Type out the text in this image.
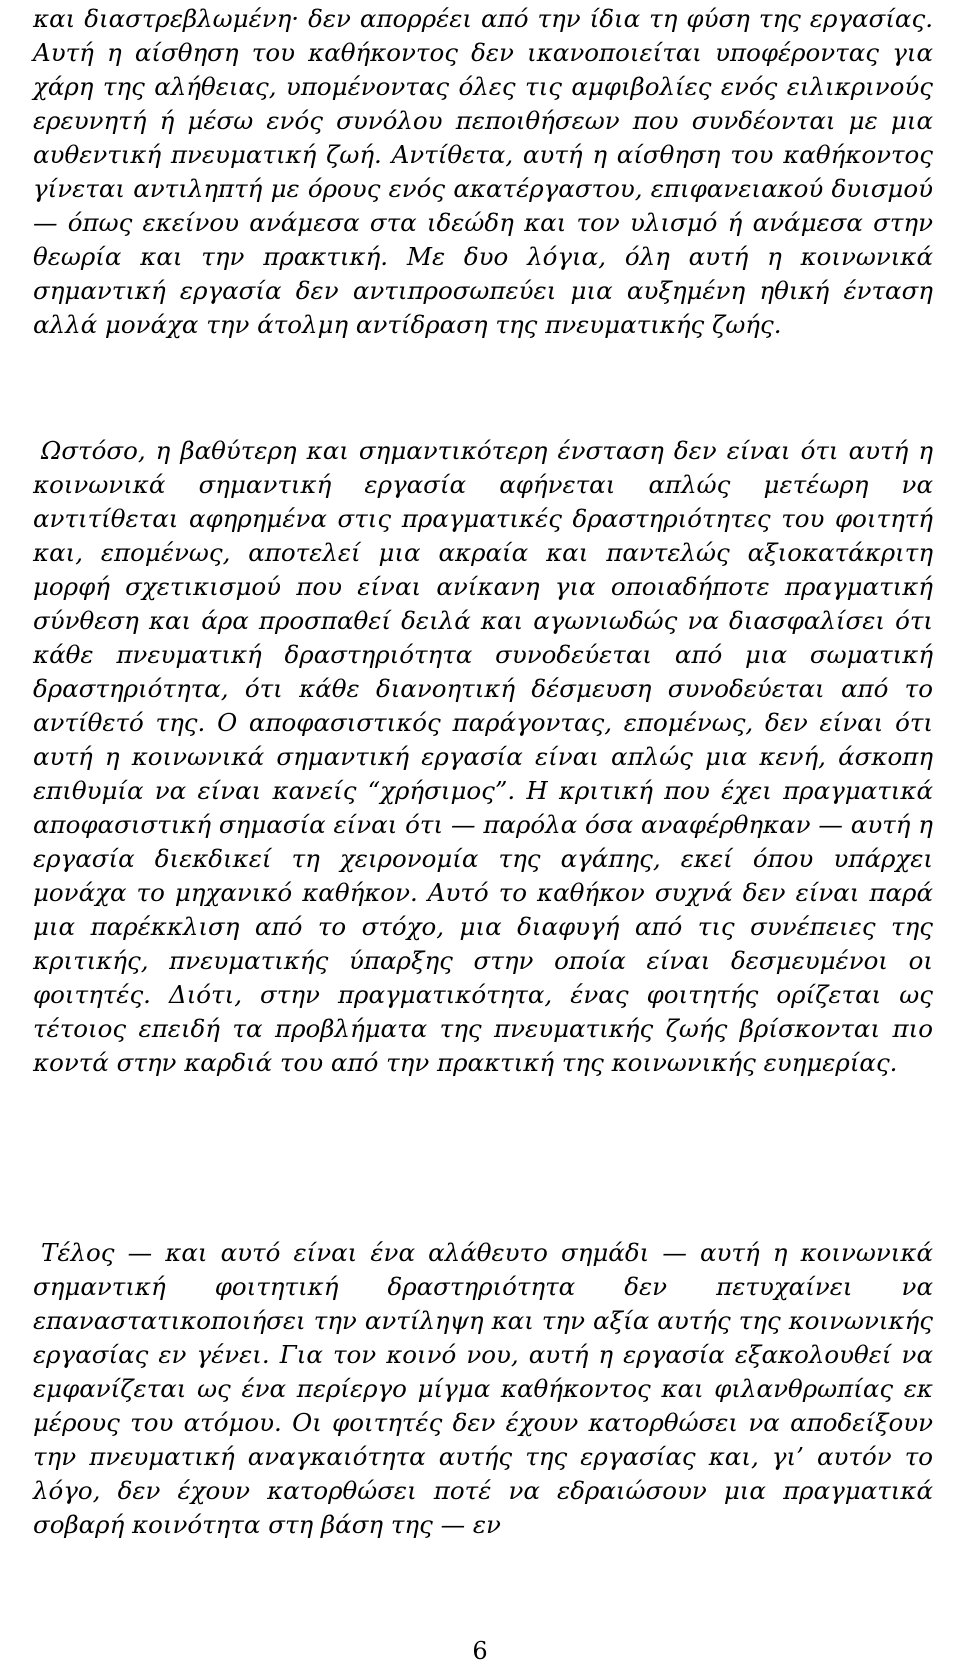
και διαστρεβλωμένη· δεν απορρέει από την ίδια τη φύση της εργασίας. Αυτή η αίσθηση του καθήκοντος δεν ικανοποιείται υποφέροντας για χάρη της αλήθειας, υπομένοντας όλες τις αμφιβολίες ενός ειλικρινούς ερευνητή ή μέσω ενός συνόλου πεποιθήσεων που συνδέονται με μια αυθεντική πνευματική ζωή. Αντίθετα, αυτή η αίσθηση του καθήκοντος γίνεται αντιληπτή με όρους ενός ακατέργαστου, επιφανειακού δυισμού — όπως εκείνου ανάμεσα στα ιδεώδη και τον υλισμό ή ανάμεσα στην θεωρία και την πρακτική. Με δυο λόγια, όλη αυτή η κοινωνικά σημαντική εργασία δεν αντιπροσωπεύει μια αυξημένη ηθική ένταση αλλά μονάχα την άτολμη αντίδραση της πνευματικής ζωής.

Ωστόσο, η βαθύτερη και σημαντικότερη ένσταση δεν είναι ότι αυτή η κοινωνικά σημαντική εργασία αφήνεται απλώς μετέωρη να αντιτίθεται αφηρημένα στις πραγματικές δραστηριότητες του φοιτητή και, επομένως, αποτελεί μια ακραία και παντελώς αξιοκατάκριτη μορφή σχετικισμού που είναι ανίκανη για οποιαδήποτε πραγματική σύνθεση και άρα προσπαθεί δειλά και αγωνιωδώς να διασφαλίσει ότι κάθε πνευματική δραστηριότητα συνοδεύεται από μια σωματική δραστηριότητα, ότι κάθε διανοητική δέσμευση συνοδεύεται από το αντίθετό της. Ο αποφασιστικός παράγοντας, επομένως, δεν είναι ότι αυτή η κοινωνικά σημαντική εργασία είναι απλώς μια κενή, άσκοπη επιθυμία να είναι κανείς “χρήσιμος”. Η κριτική που έχει πραγματικά αποφασιστική σημασία είναι ότι — παρόλα όσα αναφέρθηκαν — αυτή η εργασία διεκδικεί τη χειρονομία της αγάπης, εκεί όπου υπάρχει μονάχα το μηχανικό καθήκον. Αυτό το καθήκον συχνά δεν είναι παρά μια παρέκκλιση από το στόχο, μια διαφυγή από τις συνέπειες της κριτικής, πνευματικής ύπαρξης στην οποία είναι δεσμευμένοι οι φοιτητές. Διότι, στην πραγματικότητα, ένας φοιτητής ορίζεται ως τέτοιος επειδή τα προβλήματα της πνευματικής ζωής βρίσκονται πιο κοντά στην καρδιά του από την πρακτική της κοινωνικής ευημερίας.

Τέλος — και αυτό είναι ένα αλάθευτο σημάδι — αυτή η κοινωνικά σημαντική φοιτητική δραστηριότητα δεν πετυχαίνει να επαναστατικοποιήσει την αντίληψη και την αξία αυτής της κοινωνικής εργασίας εν γένει. Για τον κοινό νου, αυτή η εργασία εξακολουθεί να εμφανίζεται ως ένα περίεργο μίγμα καθήκοντος και φιλανθρωπίας εκ μέρους του ατόμου. Οι φοιτητές δεν έχουν κατορθώσει να αποδείξουν την πνευματική αναγκαιότητα αυτής της εργασίας και, γι’ αυτόν το λόγο, δεν έχουν κατορθώσει ποτέ να εδραιώσουν μια πραγματικά σοβαρή κοινότητα στη βάση της — εν

6
